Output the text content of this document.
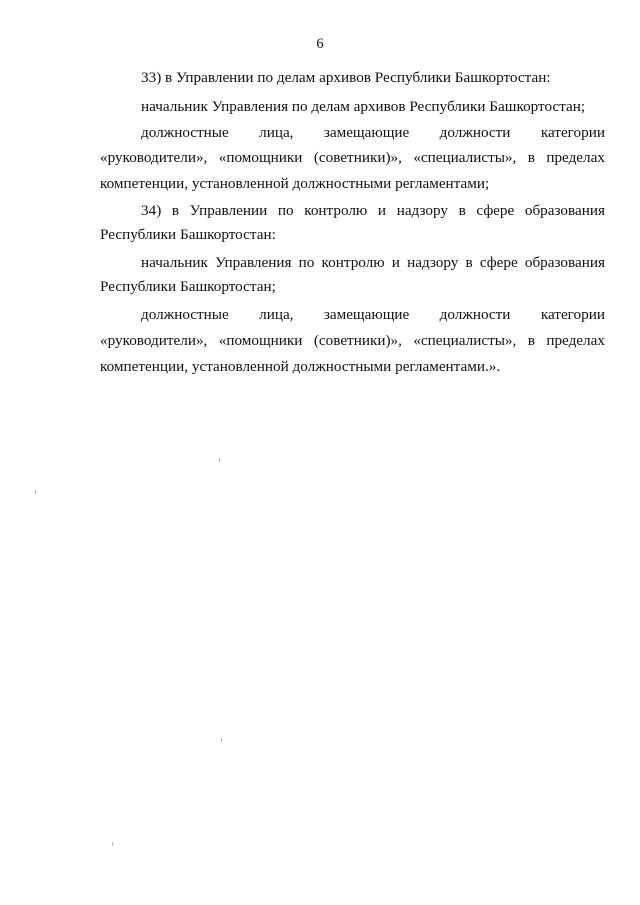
6
33) в Управлении по делам архивов Республики Башкортостан:
начальник Управления по делам архивов Республики Башкортостан;
должностные лица, замещающие должности категории
«руководители», «помощники (советники)», «специалисты», в пределах
компетенции, установленной должностными регламентами;
34) в Управлении по контролю и надзору в сфере образования
Республики Башкортостан:
начальник Управления по контролю и надзору в сфере образования
Республики Башкортостан;
должностные лица, замещающие должности категории
«руководители», «помощники (советники)», «специалисты», в пределах
компетенции, установленной должностными регламентами.».
